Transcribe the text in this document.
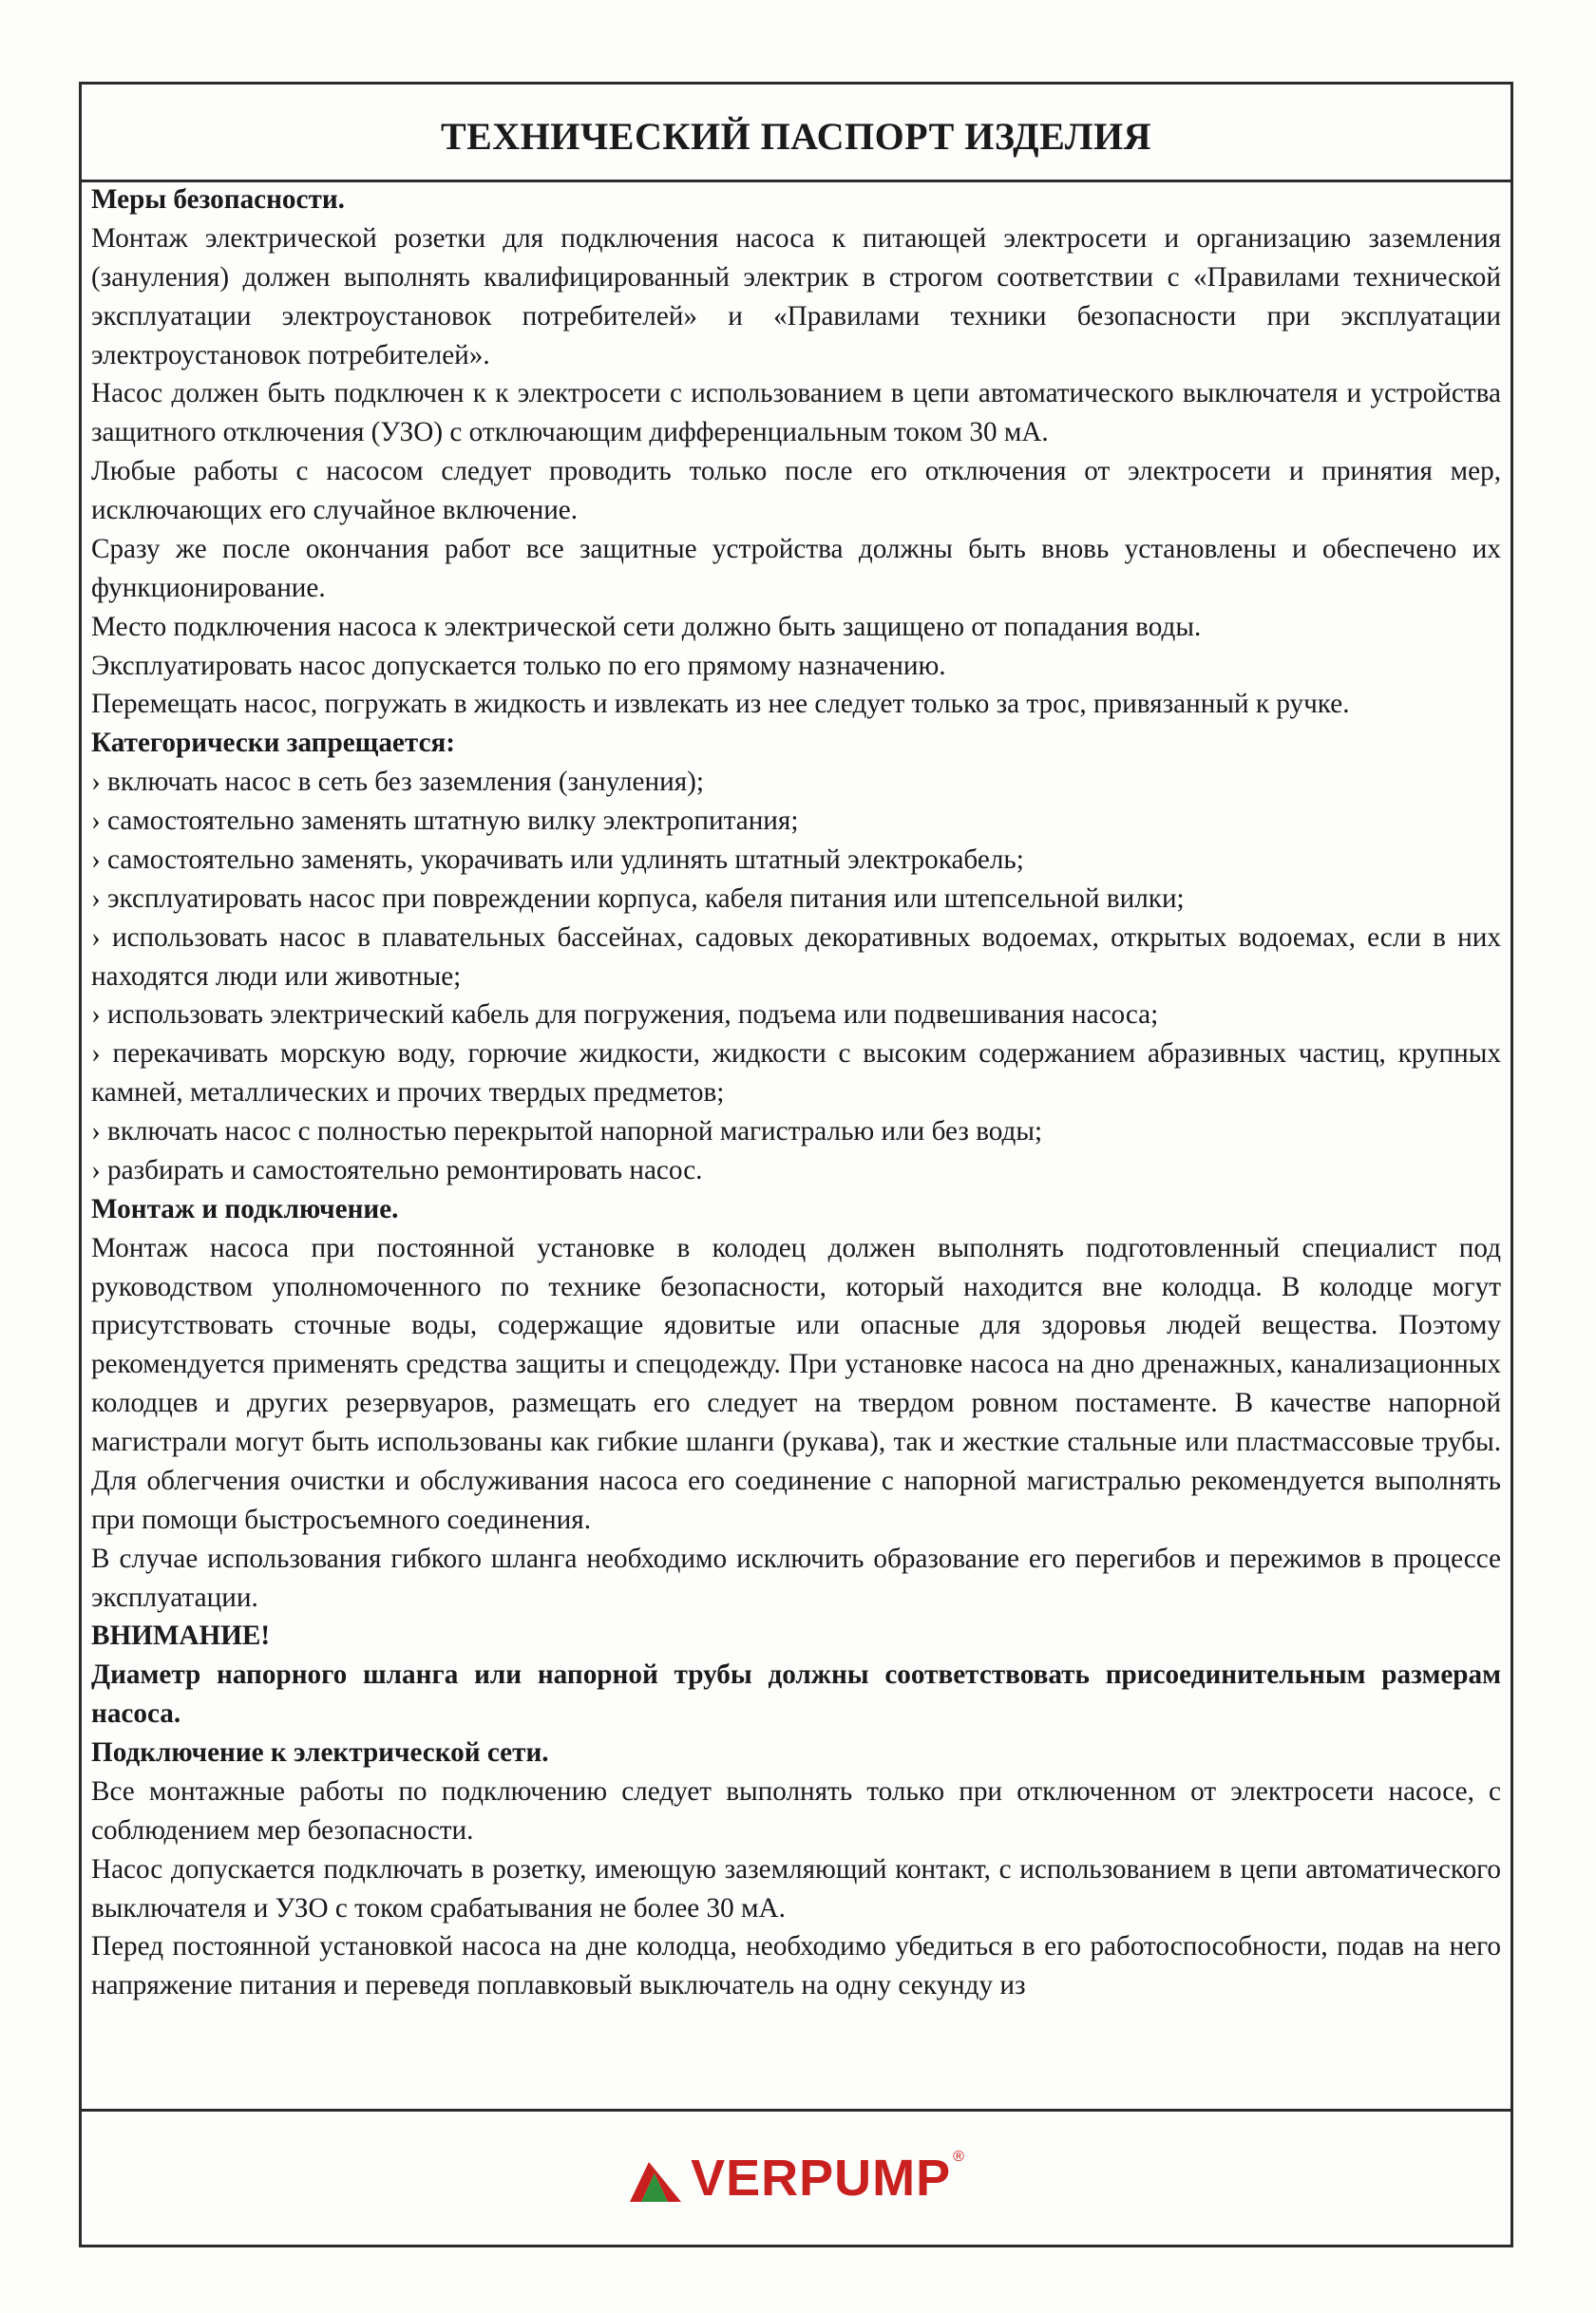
ТЕХНИЧЕСКИЙ ПАСПОРТ ИЗДЕЛИЯ

Меры безопасности.

Монтаж электрической розетки для подключения насоса к питающей электросети и организацию заземления (зануления) должен выполнять квалифицированный электрик в строгом соответствии с «Правилами технической эксплуатации электроустановок потребителей» и «Правилами техники безопасности при эксплуатации электроустановок потребителей».

Насос должен быть подключен к к электросети с использованием в цепи автоматического выключателя и устройства защитного отключения (УЗО) с отключающим дифференциальным током 30 мА.

Любые работы с насосом следует проводить только после его отключения от электросети и принятия мер, исключающих его случайное включение.

Сразу же после окончания работ все защитные устройства должны быть вновь установлены и обеспечено их функционирование.

Место подключения насоса к электрической сети должно быть защищено от попадания воды.

Эксплуатировать насос допускается только по его прямому назначению.

Перемещать насос, погружать в жидкость и извлекать из нее следует только за трос, привязанный к ручке.

Категорически запрещается:

› включать насос в сеть без заземления (зануления);

› самостоятельно заменять штатную вилку электропитания;

› самостоятельно заменять, укорачивать или удлинять штатный электрокабель;

› эксплуатировать насос при повреждении корпуса, кабеля питания или штепсельной вилки;

› использовать насос в плавательных бассейнах, садовых декоративных водоемах, открытых водоемах, если в них находятся люди или животные;

› использовать электрический кабель для погружения, подъема или подвешивания насоса;

› перекачивать морскую воду, горючие жидкости, жидкости с высоким содержанием абразивных частиц, крупных камней, металлических и прочих твердых предметов;

› включать насос с полностью перекрытой напорной магистралью или без воды;

› разбирать и самостоятельно ремонтировать насос.

Монтаж и подключение.

Монтаж насоса при постоянной установке в колодец должен выполнять подготовленный специалист под руководством уполномоченного по технике безопасности, который находится вне колодца. В колодце могут присутствовать сточные воды, содержащие ядовитые или опасные для здоровья людей вещества. Поэтому рекомендуется применять средства защиты и спецодежду. При установке насоса на дно дренажных, канализационных колодцев и других резервуаров, размещать его следует на твердом ровном постаменте. В качестве напорной магистрали могут быть использованы как гибкие шланги (рукава), так и жесткие стальные или пластмассовые трубы. Для облегчения очистки и обслуживания насоса его соединение с напорной магистралью рекомендуется выполнять при помощи быстросъемного соединения.

В случае использования гибкого шланга необходимо исключить образование его перегибов и пережимов в процессе эксплуатации.

ВНИМАНИЕ!

Диаметр напорного шланга или напорной трубы должны соответствовать присоединительным размерам насоса.

Подключение к электрической сети.

Все монтажные работы по подключению следует выполнять только при отключенном от электросети насосе, с соблюдением мер безопасности.

Насос допускается подключать в розетку, имеющую заземляющий контакт, с использованием в цепи автоматического выключателя и УЗО с током срабатывания не более 30 мА.

Перед постоянной установкой насоса на дне колодца, необходимо убедиться в его работоспособности, подав на него напряжение питания и переведя поплавковый выключатель на одну секунду из

VERPUMP ®
